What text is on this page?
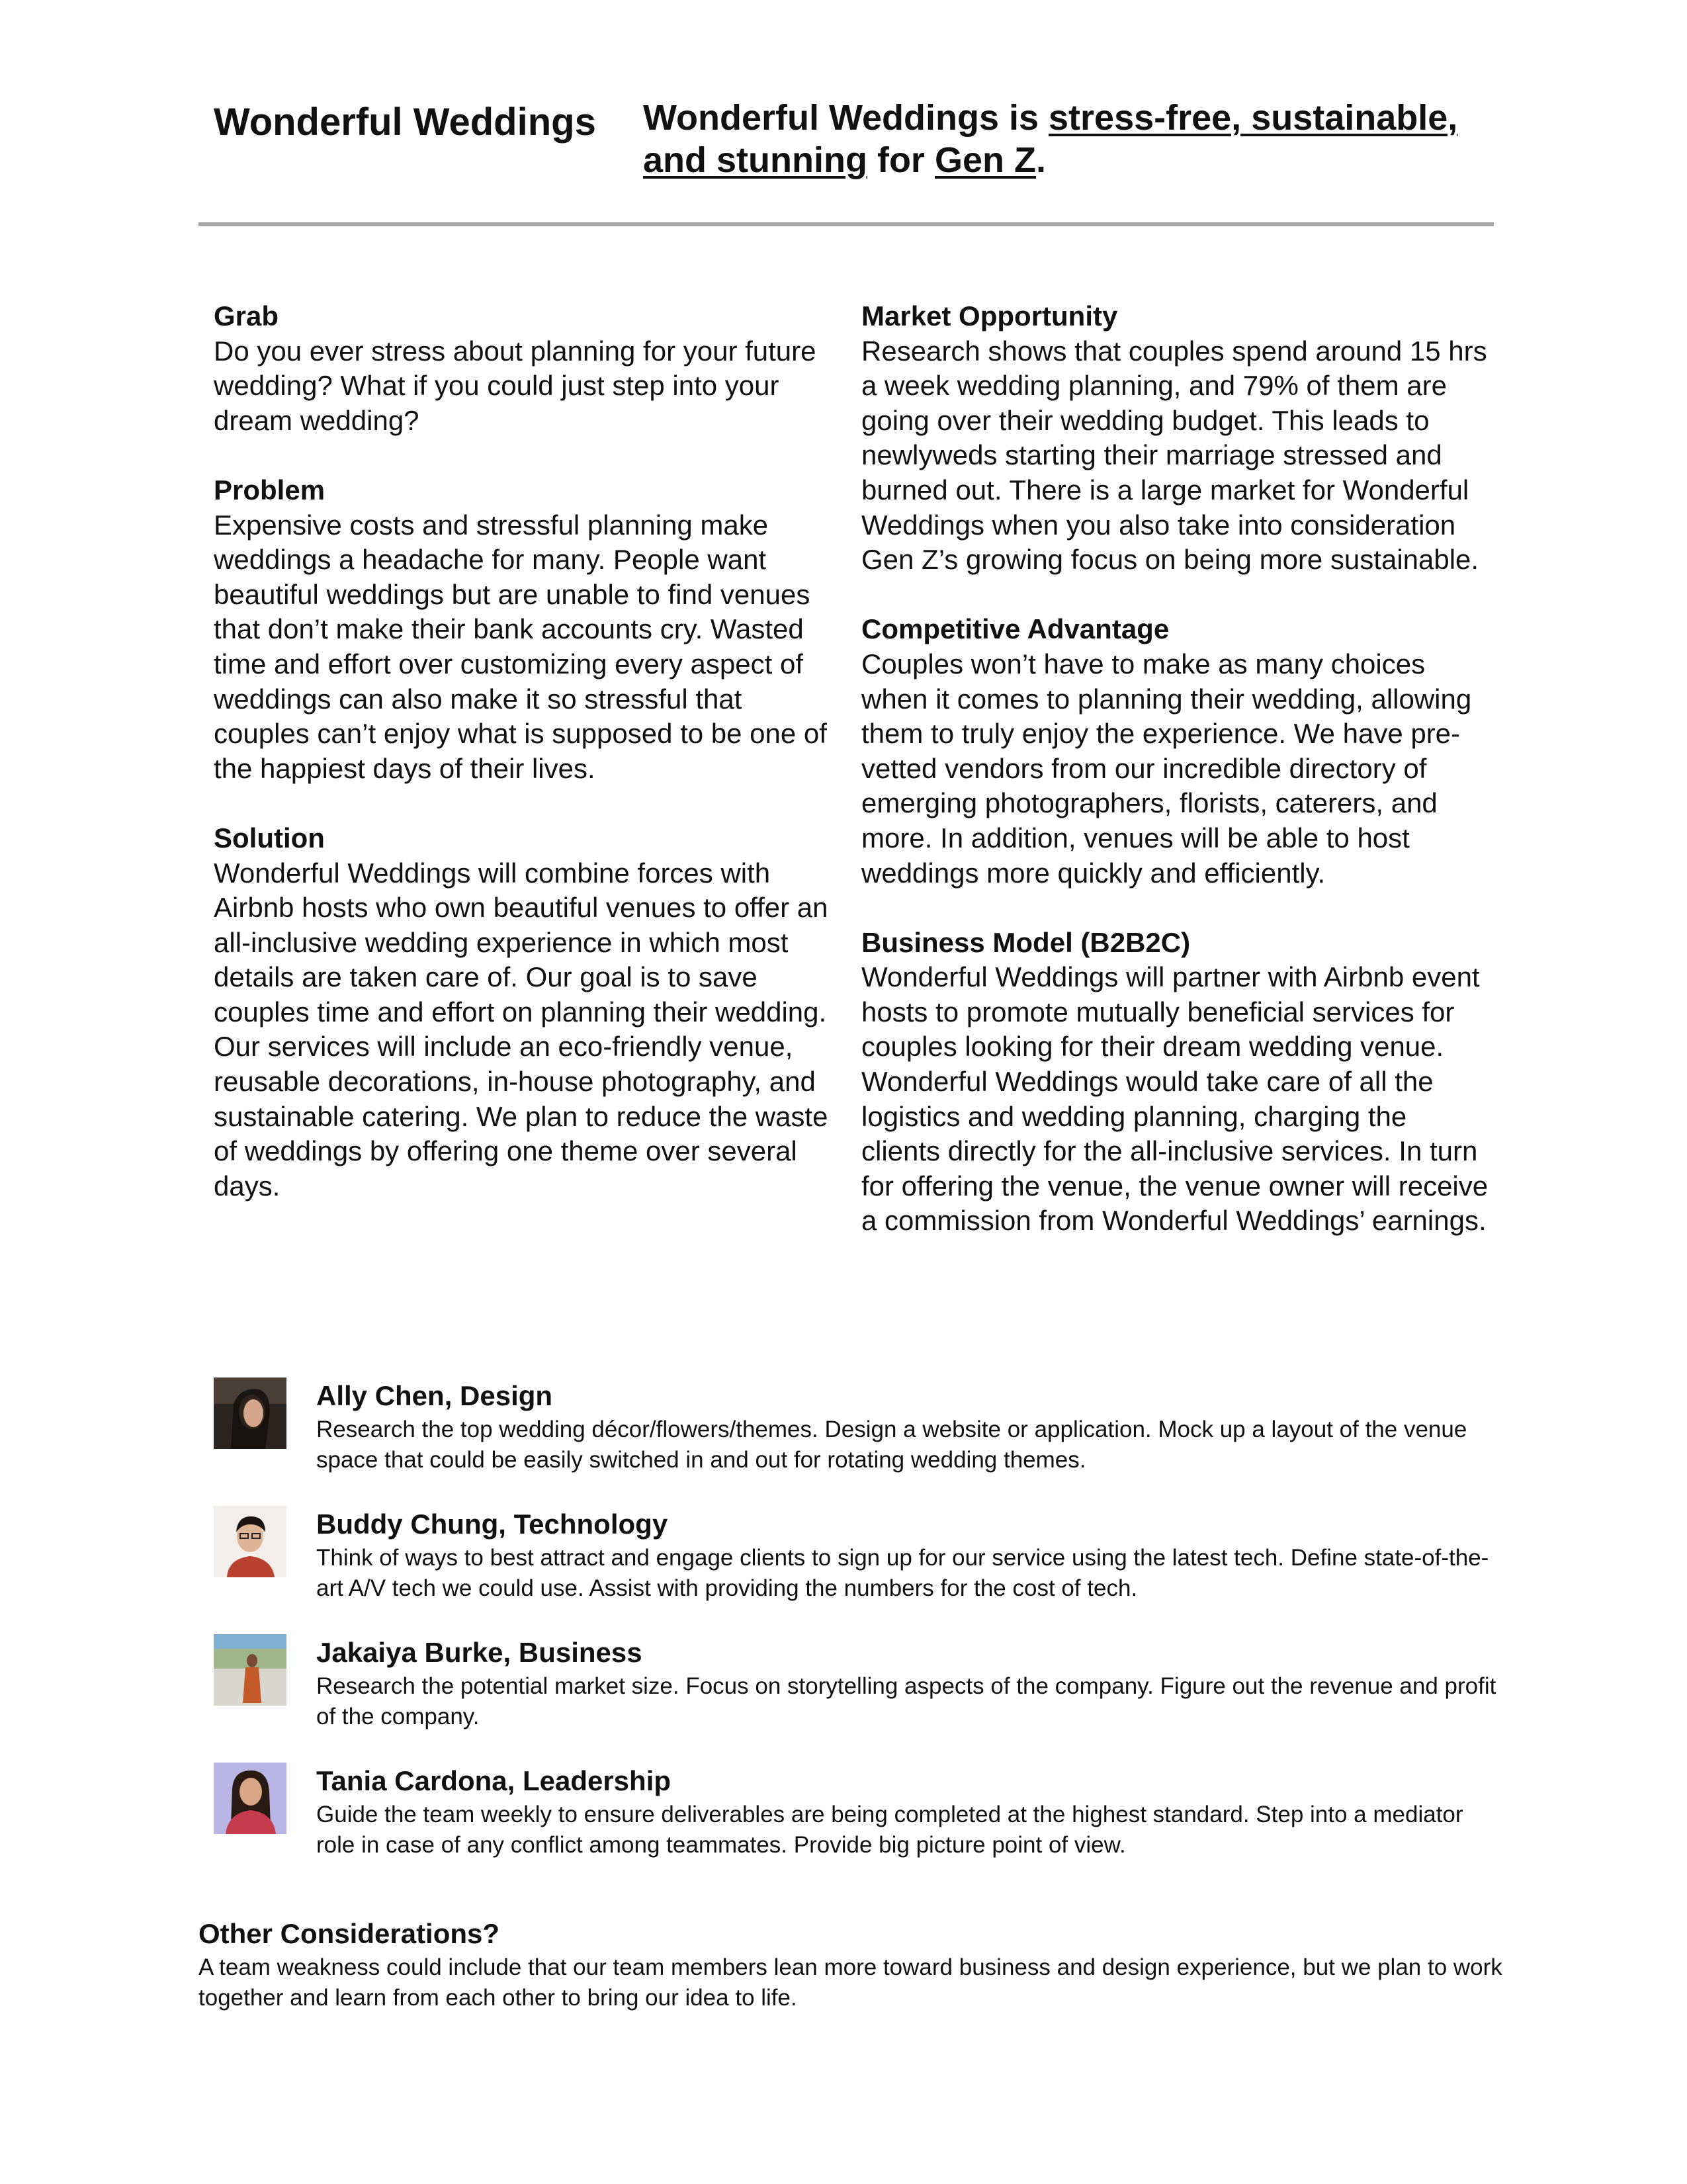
Wonderful Weddings Wonderful Weddings is stress-free, sustainable, and stunning for Gen Z.
Grab

Do you ever stress about planning for your future wedding? What if you could just step into your dream wedding?

Problem

Expensive costs and stressful planning make weddings a headache for many. People want beautiful weddings but are unable to find venues that don’t make their bank accounts cry. Wasted time and effort over customizing every aspect of weddings can also make it so stressful that couples can’t enjoy what is supposed to be one of the happiest days of their lives.

Solution

Wonderful Weddings will combine forces with Airbnb hosts who own beautiful venues to offer an all-inclusive wedding experience in which most details are taken care of. Our goal is to save couples time and effort on planning their wedding. Our services will include an eco-friendly venue, reusable decorations, in-house photography, and sustainable catering. We plan to reduce the waste of weddings by offering one theme over several days.

Market Opportunity

Research shows that couples spend around 15 hrs a week wedding planning, and 79% of them are going over their wedding budget. This leads to newlyweds starting their marriage stressed and burned out. There is a large market for Wonderful Weddings when you also take into consideration Gen Z’s growing focus on being more sustainable.

Competitive Advantage

Couples won’t have to make as many choices when it comes to planning their wedding, allowing them to truly enjoy the experience. We have pre-vetted vendors from our incredible directory of emerging photographers, florists, caterers, and more. In addition, venues will be able to host weddings more quickly and efficiently.

Business Model (B2B2C)

Wonderful Weddings will partner with Airbnb event hosts to promote mutually beneficial services for couples looking for their dream wedding venue. Wonderful Weddings would take care of all the logistics and wedding planning, charging the clients directly for the all-inclusive services. In turn for offering the venue, the venue owner will receive a commission from Wonderful Weddings’ earnings.

Ally Chen, Design

Research the top wedding décor/flowers/themes. Design a website or application. Mock up a layout of the venue space that could be easily switched in and out for rotating wedding themes.

Buddy Chung, Technology

Think of ways to best attract and engage clients to sign up for our service using the latest tech. Define state-of-the-art A/V tech we could use. Assist with providing the numbers for the cost of tech.

Jakaiya Burke, Business

Research the potential market size. Focus on storytelling aspects of the company. Figure out the revenue and profit of the company.

Tania Cardona, Leadership

Guide the team weekly to ensure deliverables are being completed at the highest standard. Step into a mediator role in case of any conflict among teammates. Provide big picture point of view.

Other Considerations?

A team weakness could include that our team members lean more toward business and design experience, but we plan to work together and learn from each other to bring our idea to life.
